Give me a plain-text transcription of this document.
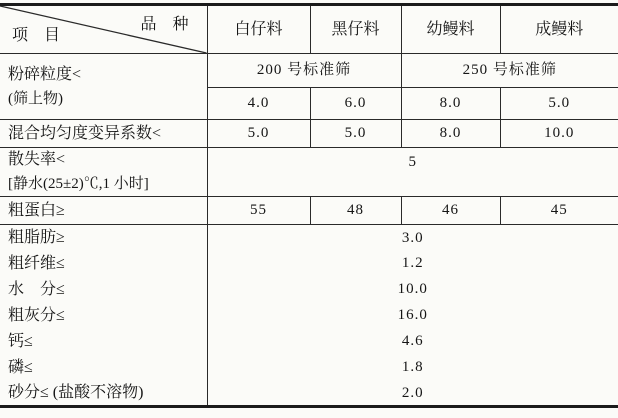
品　种
项　目	白仔料	黑仔料	幼鳗料	成鳗料

粉碎粒度<
(筛上物)	200 号标准筛		250 号标准筛	
	4.0	6.0	8.0	5.0
混合均匀度变异系数<	5.0	5.0	8.0	10.0

散失率<
[静水(25±2)℃,1 小时]	5			
粗蛋白≥	55	48	46	45
粗脂肪≥	3.0			
粗纤维≤	1.2			
水　分≤	10.0			
粗灰分≤	16.0			
钙≤	4.6			
磷≤	1.8			
砂分≤ (盐酸不溶物)	2.0			
